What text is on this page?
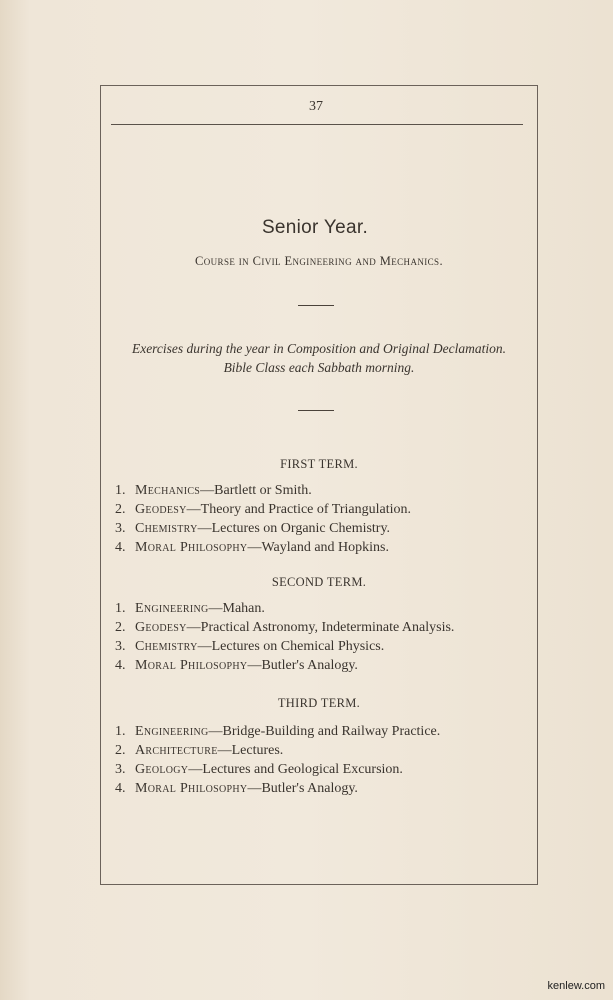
37
Senior Year.
Course in Civil Engineering and Mechanics.
Exercises during the year in Composition and Original Declamation.
Bible Class each Sabbath morning.
FIRST TERM.
1. Mechanics—Bartlett or Smith.
2. Geodesy—Theory and Practice of Triangulation.
3. Chemistry—Lectures on Organic Chemistry.
4. Moral Philosophy—Wayland and Hopkins.
SECOND TERM.
1. Engineering—Mahan.
2. Geodesy—Practical Astronomy, Indeterminate Analysis.
3. Chemistry—Lectures on Chemical Physics.
4. Moral Philosophy—Butler's Analogy.
THIRD TERM.
1. Engineering—Bridge-Building and Railway Practice.
2. Architecture—Lectures.
3. Geology—Lectures and Geological Excursion.
4. Moral Philosophy—Butler's Analogy.
kenlew.com
